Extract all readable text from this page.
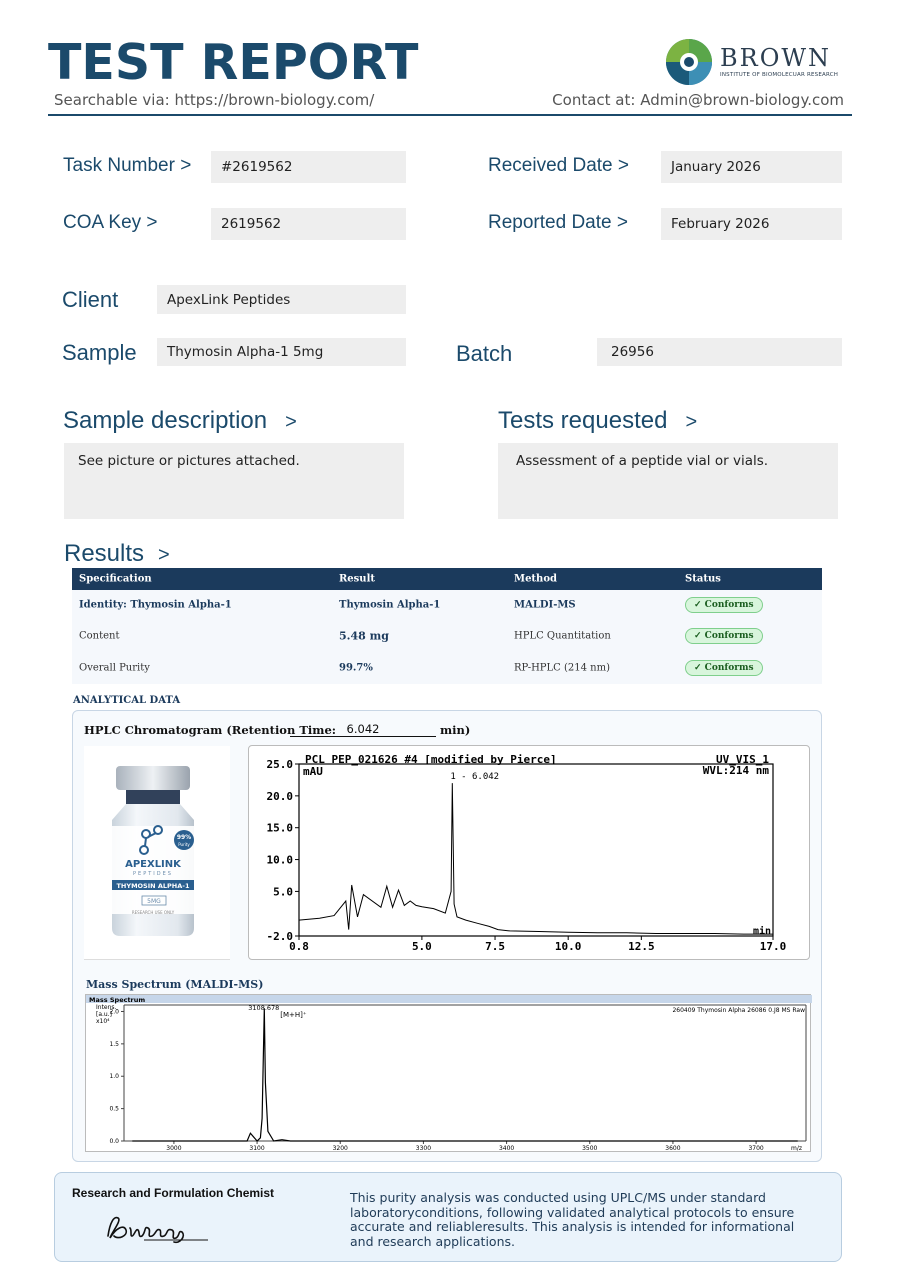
TEST REPORT
Searchable via: https://brown-biology.com/	Contact at: Admin@brown-biology.com
BROWN
INSTITUTE OF BIOMOLECUAR RESEARCH
Task Number >	#2619562	Received Date >	January 2026
COA Key >	2619562	Reported Date >	February 2026
Client	ApexLink Peptides
Sample	Thymosin Alpha-1 5mg	Batch	26956
Sample description >
See picture or pictures attached.
Tests requested >
Assessment of a peptide vial or vials.
Results >
Specification	Result	Method	Status
Identity: Thymosin Alpha-1	Thymosin Alpha-1	MALDI-MS	✓ Conforms
Content	5.48 mg	HPLC Quantitation	✓ Conforms
Overall Purity	99.7%	RP-HPLC (214 nm)	✓ Conforms
ANALYTICAL DATA
HPLC Chromatogram (Retention Time: 6.042	min)
99%
Purity
APEXLINK
PEPTIDES
THYMOSIN ALPHA-1
5MG
RESEARCH USE ONLY
PCL PEP_021626 #4 [modified by Pierce]	UV_VIS_1
WVL:214 nm
mAU
min
25.0
20.0
15.0
10.0
5.0
-2.0
0.8	5.0	7.5	10.0	12.5	17.0
1 - 6.042
Mass Spectrum (MALDI-MS)
Mass Spectrum
260409 Thymosin Alpha 26086 0.J8 MS Raw
Intens.
[a.u.]
x10⁴
2.0
1.5
1.0
0.5
0.0
3000	3100	3200	3300	3400	3500	3600	3700	m/z
3108.678
[M+H]⁺
Research and Formulation Chemist	This purity analysis was conducted using UPLC/MS under standard laboratoryconditions, following validated analytical protocols to ensure accurate and reliableresults. This analysis is intended for informational and research applications.
